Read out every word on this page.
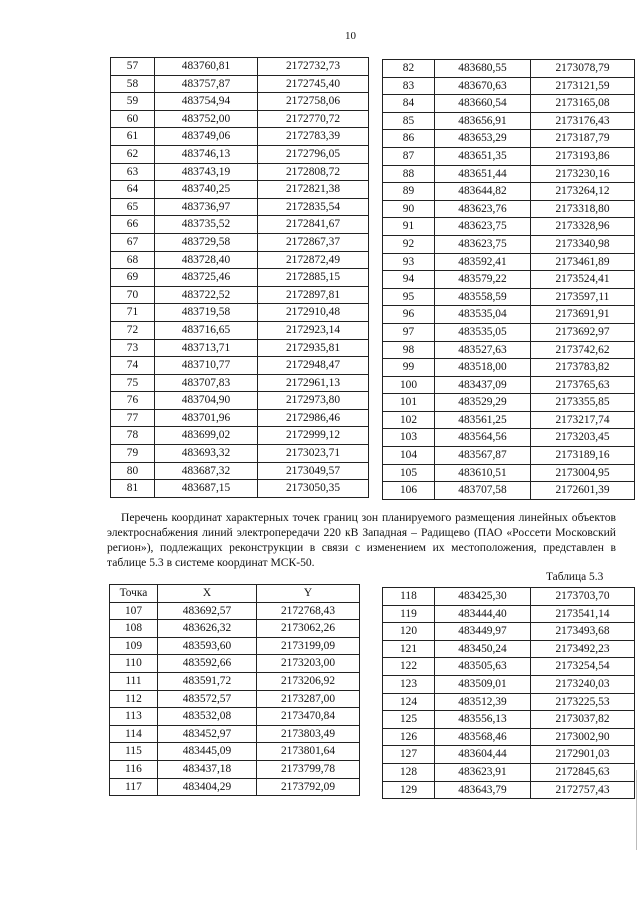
10
57	483760,81	2172732,73
58	483757,87	2172745,40
59	483754,94	2172758,06
60	483752,00	2172770,72
61	483749,06	2172783,39
62	483746,13	2172796,05
63	483743,19	2172808,72
64	483740,25	2172821,38
65	483736,97	2172835,54
66	483735,52	2172841,67
67	483729,58	2172867,37
68	483728,40	2172872,49
69	483725,46	2172885,15
70	483722,52	2172897,81
71	483719,58	2172910,48
72	483716,65	2172923,14
73	483713,71	2172935,81
74	483710,77	2172948,47
75	483707,83	2172961,13
76	483704,90	2172973,80
77	483701,96	2172986,46
78	483699,02	2172999,12
79	483693,32	2173023,71
80	483687,32	2173049,57
81	483687,15	2173050,35
82	483680,55	2173078,79
83	483670,63	2173121,59
84	483660,54	2173165,08
85	483656,91	2173176,43
86	483653,29	2173187,79
87	483651,35	2173193,86
88	483651,44	2173230,16
89	483644,82	2173264,12
90	483623,76	2173318,80
91	483623,75	2173328,96
92	483623,75	2173340,98
93	483592,41	2173461,89
94	483579,22	2173524,41
95	483558,59	2173597,11
96	483535,04	2173691,91
97	483535,05	2173692,97
98	483527,63	2173742,62
99	483518,00	2173783,82
100	483437,09	2173765,63
101	483529,29	2173355,85
102	483561,25	2173217,74
103	483564,56	2173203,45
104	483567,87	2173189,16
105	483610,51	2173004,95
106	483707,58	2172601,39
Перечень координат характерных точек границ зон планируемого размещения линейных объектов электроснабжения линий электропередачи 220 кВ Западная – Радищево (ПАО «Россети Московский регион»), подлежащих реконструкции в связи с изменением их местоположения, представлен в таблице 5.3 в системе координат МСК-50.
Таблица 5.3
Точка	X	Y
107	483692,57	2172768,43
108	483626,32	2173062,26
109	483593,60	2173199,09
110	483592,66	2173203,00
111	483591,72	2173206,92
112	483572,57	2173287,00
113	483532,08	2173470,84
114	483452,97	2173803,49
115	483445,09	2173801,64
116	483437,18	2173799,78
117	483404,29	2173792,09
118	483425,30	2173703,70
119	483444,40	2173541,14
120	483449,97	2173493,68
121	483450,24	2173492,23
122	483505,63	2173254,54
123	483509,01	2173240,03
124	483512,39	2173225,53
125	483556,13	2173037,82
126	483568,46	2173002,90
127	483604,44	2172901,03
128	483623,91	2172845,63
129	483643,79	2172757,43
